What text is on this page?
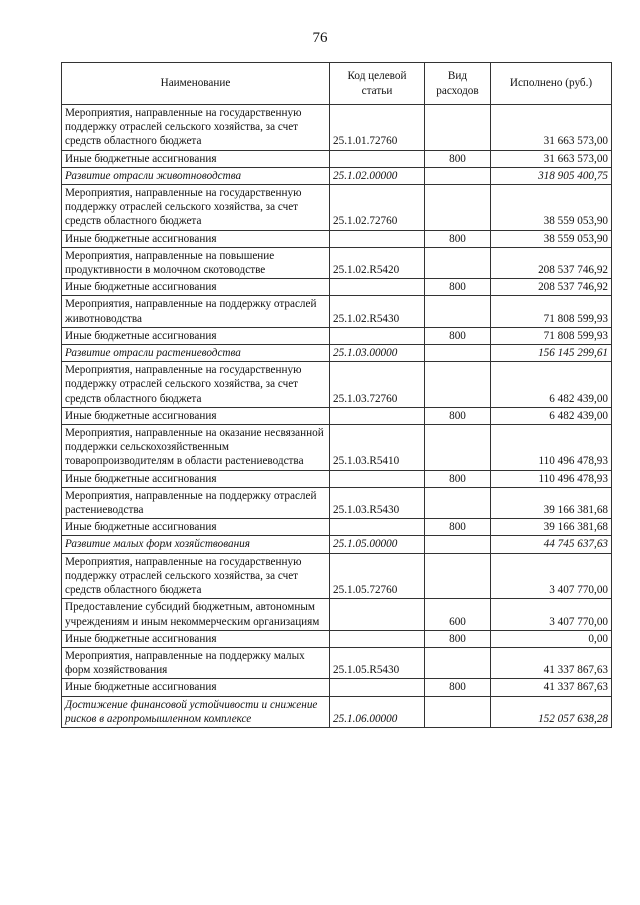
76
Наименование	Код целевой статьи	Вид расходов	Исполнено (руб.)
Мероприятия, направленные на государственную поддержку отраслей сельского хозяйства, за счет средств областного бюджета	25.1.01.72760		31 663 573,00
Иные бюджетные ассигнования		800	31 663 573,00
Развитие отрасли животноводства	25.1.02.00000		318 905 400,75
Мероприятия, направленные на государственную поддержку отраслей сельского хозяйства, за счет средств областного бюджета	25.1.02.72760		38 559 053,90
Иные бюджетные ассигнования		800	38 559 053,90
Мероприятия, направленные на повышение продуктивности в молочном скотоводстве	25.1.02.R5420		208 537 746,92
Иные бюджетные ассигнования		800	208 537 746,92
Мероприятия, направленные на поддержку отраслей животноводства	25.1.02.R5430		71 808 599,93
Иные бюджетные ассигнования		800	71 808 599,93
Развитие отрасли растениеводства	25.1.03.00000		156 145 299,61
Мероприятия, направленные на государственную поддержку отраслей сельского хозяйства, за счет средств областного бюджета	25.1.03.72760		6 482 439,00
Иные бюджетные ассигнования		800	6 482 439,00
Мероприятия, направленные на оказание несвязанной поддержки сельскохозяйственным товаропроизводителям в области растениеводства	25.1.03.R5410		110 496 478,93
Иные бюджетные ассигнования		800	110 496 478,93
Мероприятия, направленные на поддержку отраслей растениеводства	25.1.03.R5430		39 166 381,68
Иные бюджетные ассигнования		800	39 166 381,68
Развитие малых форм хозяйствования	25.1.05.00000		44 745 637,63
Мероприятия, направленные на государственную поддержку отраслей сельского хозяйства, за счет средств областного бюджета	25.1.05.72760		3 407 770,00
Предоставление субсидий бюджетным, автономным учреждениям и иным некоммерческим организациям		600	3 407 770,00
Иные бюджетные ассигнования		800	0,00
Мероприятия, направленные на поддержку малых форм хозяйствования	25.1.05.R5430		41 337 867,63
Иные бюджетные ассигнования		800	41 337 867,63
Достижение финансовой устойчивости и снижение рисков в агропромышленном комплексе	25.1.06.00000		152 057 638,28
